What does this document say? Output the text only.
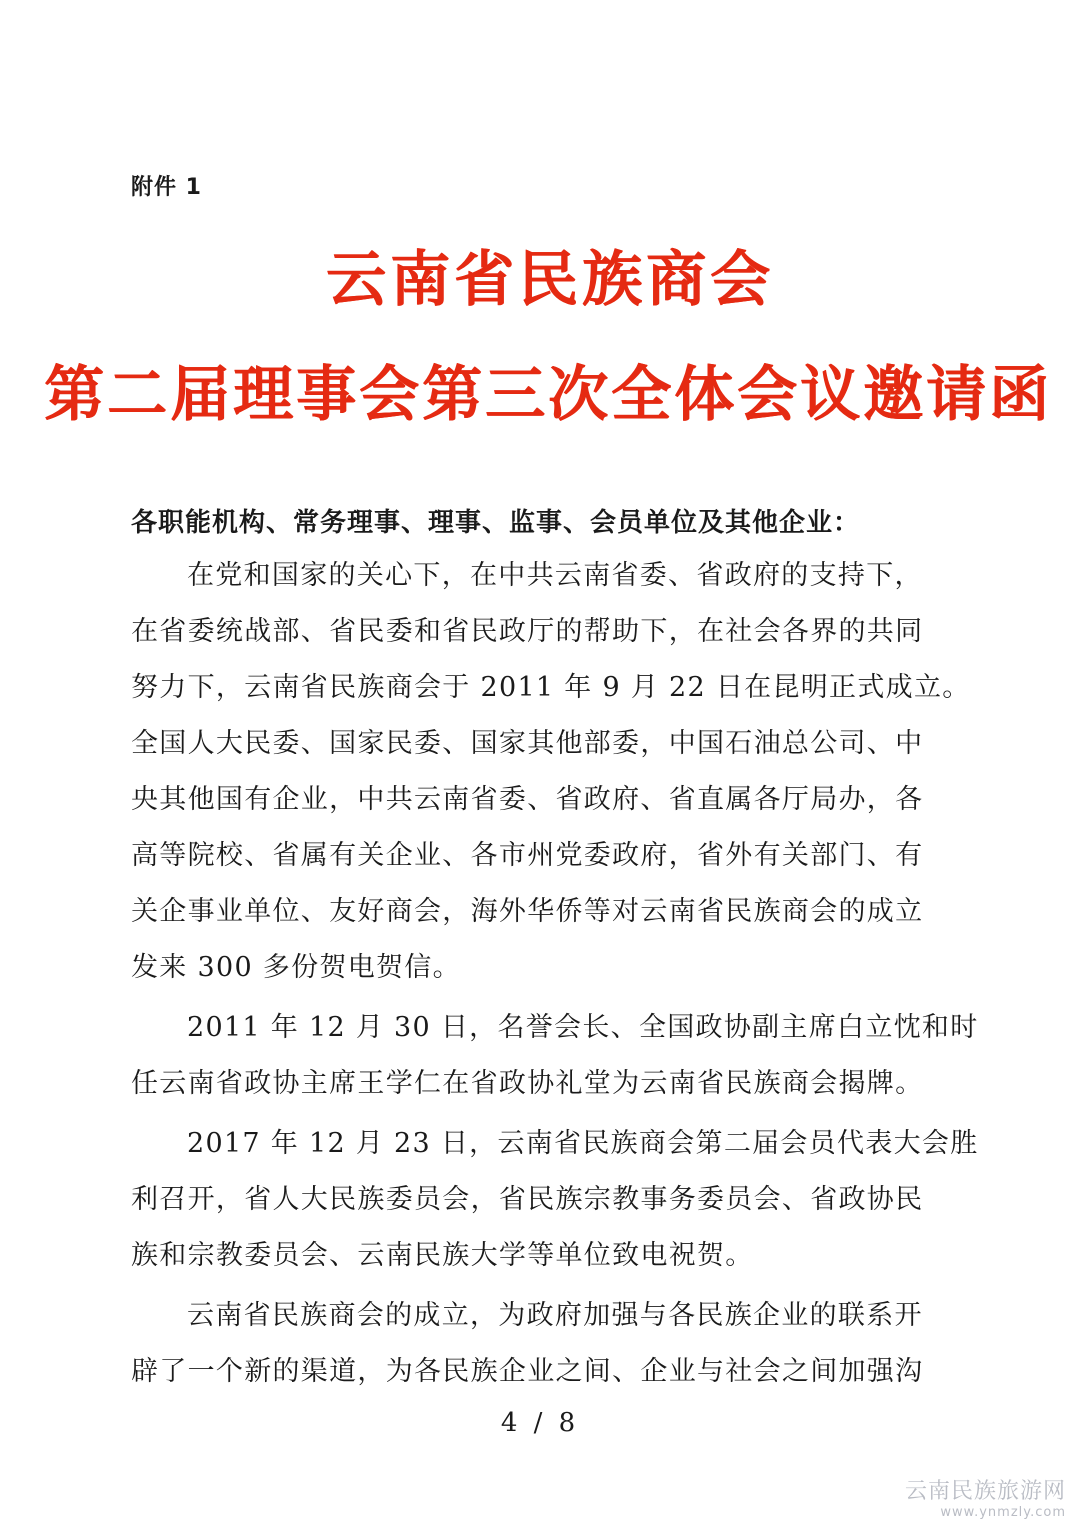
附件 1
云南省民族商会
第二届理事会第三次全体会议邀请函
各职能机构、常务理事、理事、监事、会员单位及其他企业：
在党和国家的关心下，在中共云南省委、省政府的支持下，
在省委统战部、省民委和省民政厅的帮助下，在社会各界的共同
努力下，云南省民族商会于 2011 年 9 月 22 日在昆明正式成立。
全国人大民委、国家民委、国家其他部委，中国石油总公司、中
央其他国有企业，中共云南省委、省政府、省直属各厅局办，各
高等院校、省属有关企业、各市州党委政府，省外有关部门、有
关企事业单位、友好商会，海外华侨等对云南省民族商会的成立
发来 300 多份贺电贺信。
2011 年 12 月 30 日，名誉会长、全国政协副主席白立忱和时
任云南省政协主席王学仁在省政协礼堂为云南省民族商会揭牌。
2017 年 12 月 23 日，云南省民族商会第二届会员代表大会胜
利召开，省人大民族委员会，省民族宗教事务委员会、省政协民
族和宗教委员会、云南民族大学等单位致电祝贺。
云南省民族商会的成立，为政府加强与各民族企业的联系开
辟了一个新的渠道，为各民族企业之间、企业与社会之间加强沟
4 / 8
云南民族旅游网
www.ynmzly.com
